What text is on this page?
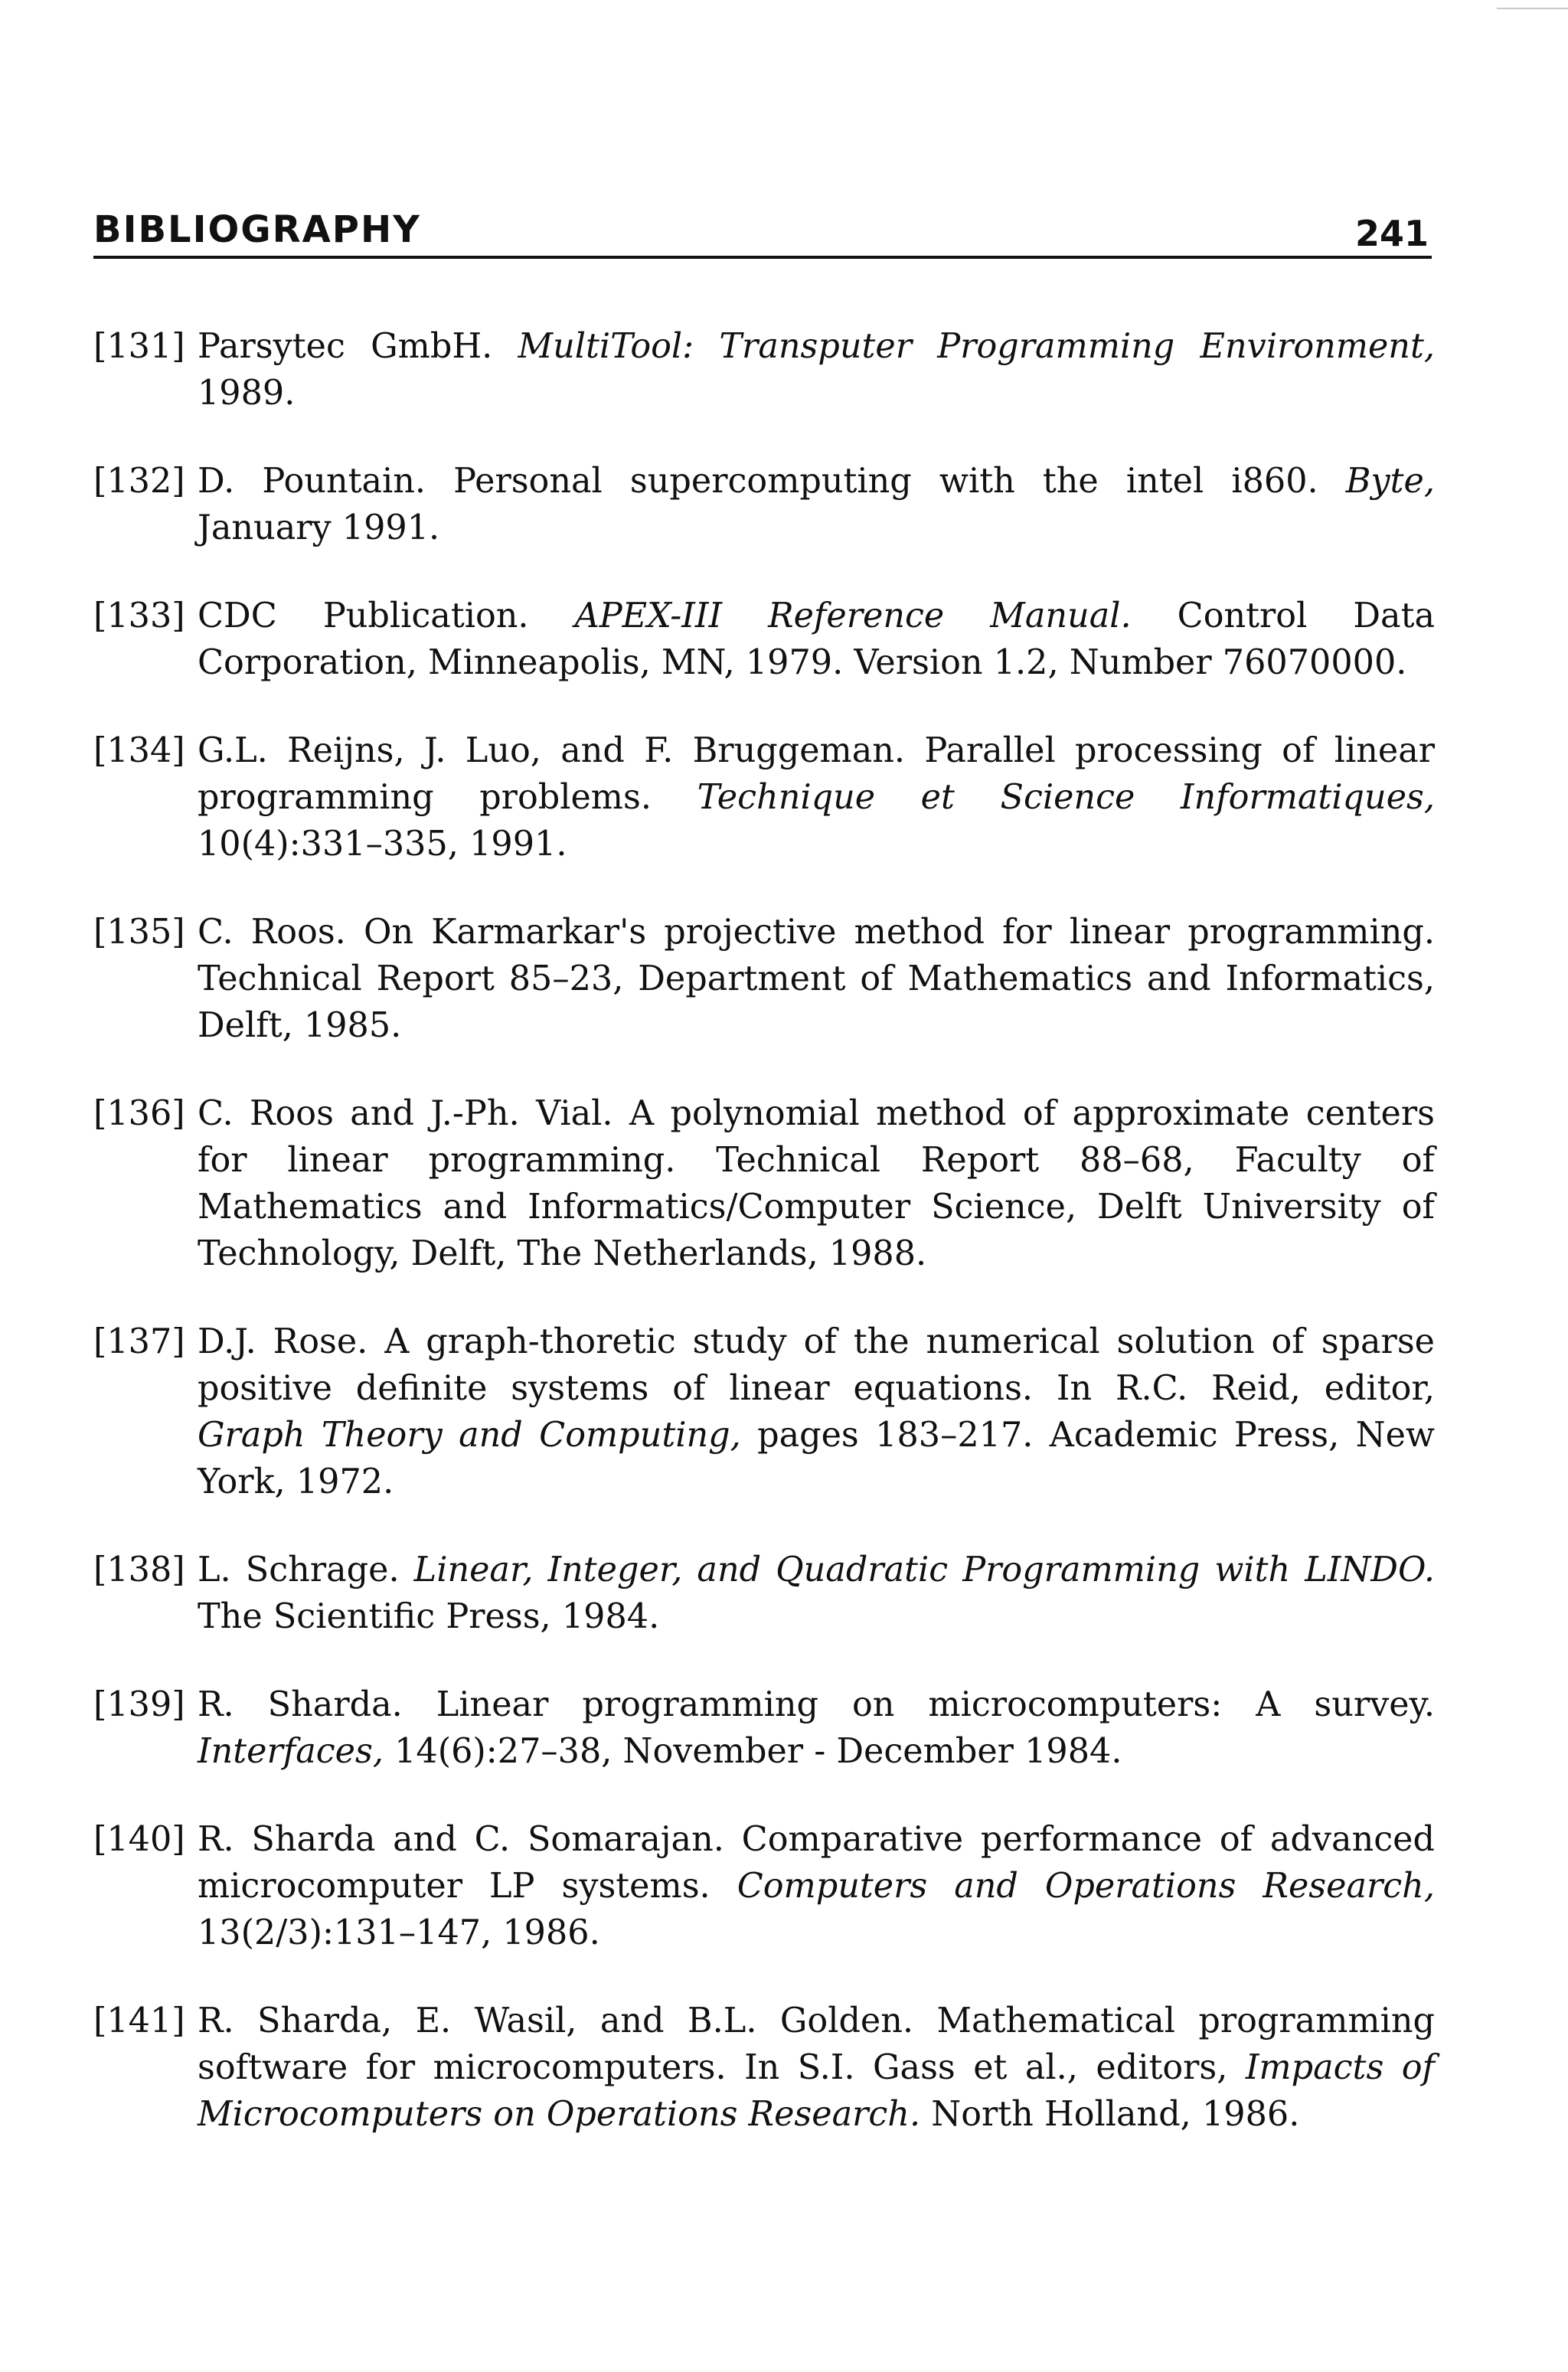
BIBLIOGRAPHY	241
[131] Parsytec GmbH. MultiTool: Transputer Programming Environment, 1989.
[132] D. Pountain. Personal supercomputing with the intel i860. Byte, January 1991.
[133] CDC Publication. APEX-III Reference Manual. Control Data Corporation, Minneapolis, MN, 1979. Version 1.2, Number 76070000.
[134] G.L. Reijns, J. Luo, and F. Bruggeman. Parallel processing of linear programming problems. Technique et Science Informatiques, 10(4):331–335, 1991.
[135] C. Roos. On Karmarkar's projective method for linear programming. Technical Report 85–23, Department of Mathematics and Informatics, Delft, 1985.
[136] C. Roos and J.-Ph. Vial. A polynomial method of approximate centers for linear programming. Technical Report 88–68, Faculty of Mathematics and Informatics/Computer Science, Delft University of Technology, Delft, The Netherlands, 1988.
[137] D.J. Rose. A graph-thoretic study of the numerical solution of sparse positive definite systems of linear equations. In R.C. Reid, editor, Graph Theory and Computing, pages 183–217. Academic Press, New York, 1972.
[138] L. Schrage. Linear, Integer, and Quadratic Programming with LINDO. The Scientific Press, 1984.
[139] R. Sharda. Linear programming on microcomputers: A survey. Interfaces, 14(6):27–38, November - December 1984.
[140] R. Sharda and C. Somarajan. Comparative performance of advanced microcomputer LP systems. Computers and Operations Research, 13(2/3):131–147, 1986.
[141] R. Sharda, E. Wasil, and B.L. Golden. Mathematical programming software for microcomputers. In S.I. Gass et al., editors, Impacts of Microcomputers on Operations Research. North Holland, 1986.
